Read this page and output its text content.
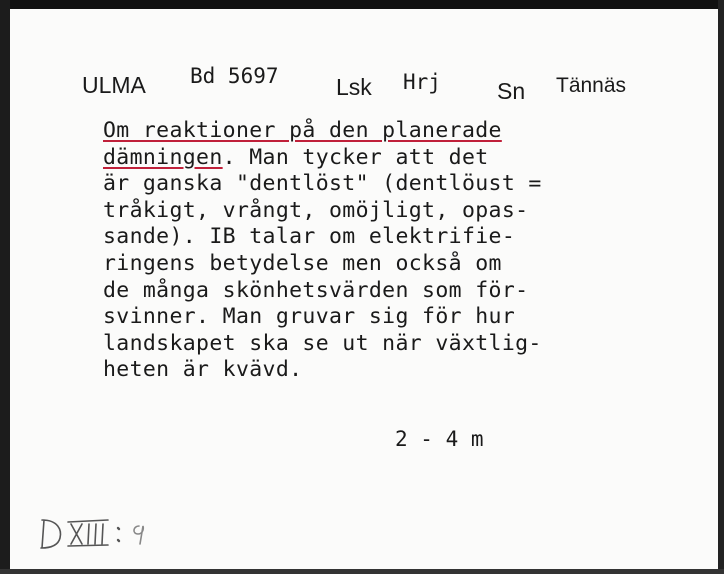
ULMA Bd 5697 Lsk Hrj Sn Tännäs
Om reaktioner på den planerade
dämningen. Man tycker att det
är ganska "dentlöst" (dentlöust =
tråkigt, vrångt, omöjligt, opas-
sande). IB talar om elektrifie-
ringens betydelse men också om
de många skönhetsvärden som för-
svinner. Man gruvar sig för hur
landskapet ska se ut när växtlig-
heten är kvävd.
2 - 4 m
